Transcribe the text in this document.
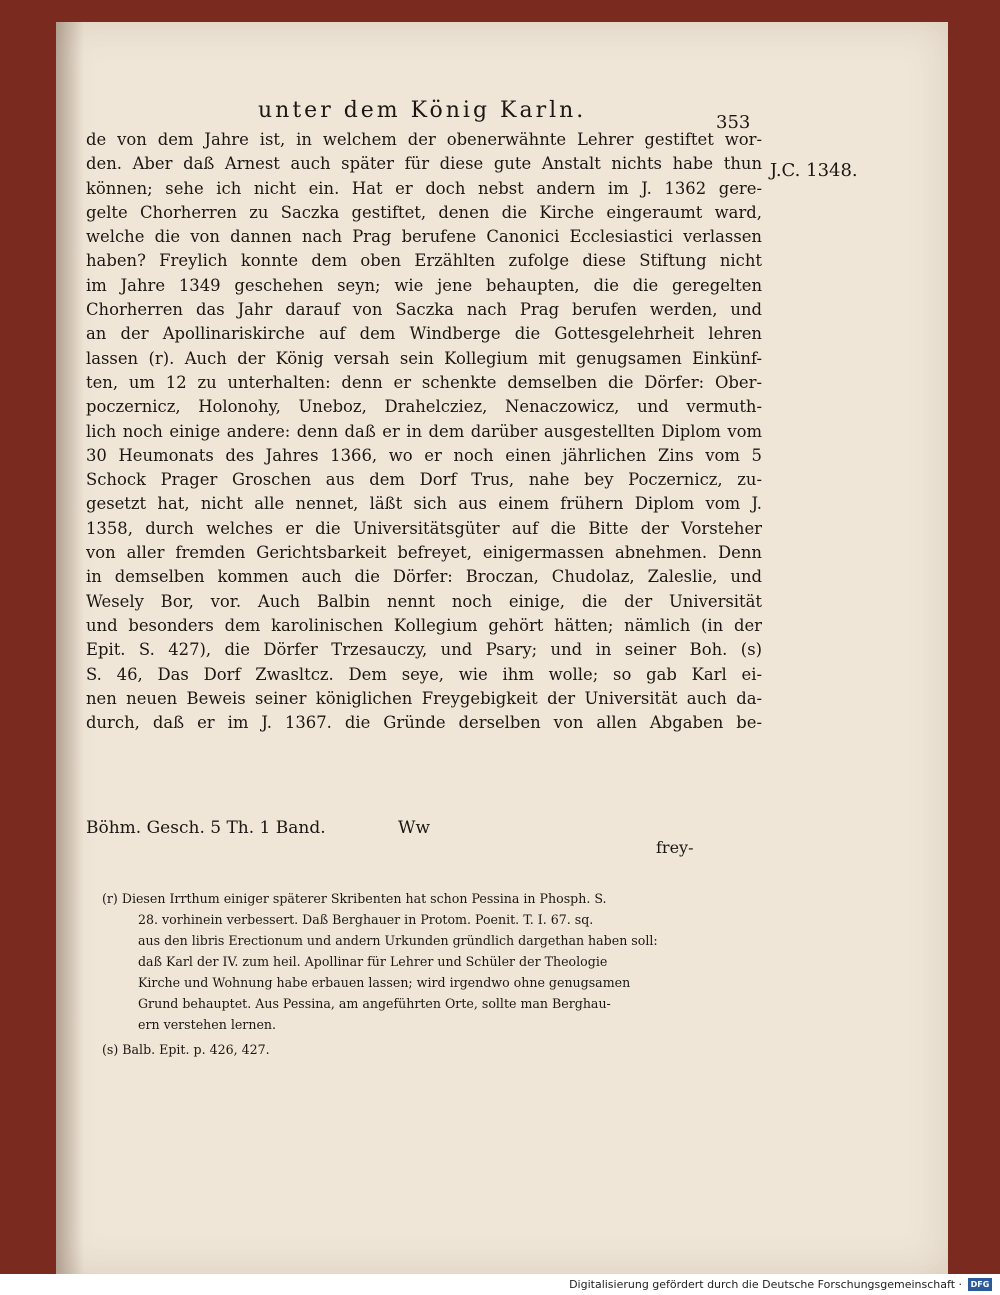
unter dem König Karln.	353
J.C. 1348.
de von dem Jahre ist, in welchem der obenerwähnte Lehrer gestiftet wor-
den. Aber daß Arnest auch später für diese gute Anstalt nichts habe thun
können; sehe ich nicht ein. Hat er doch nebst andern im J. 1362 gere-
gelte Chorherren zu Saczka gestiftet, denen die Kirche eingeraumt ward,
welche die von dannen nach Prag berufene Canonici Ecclesiastici verlassen
haben? Freylich konnte dem oben Erzählten zufolge diese Stiftung nicht
im Jahre 1349 geschehen seyn; wie jene behaupten, die die geregelten
Chorherren das Jahr darauf von Saczka nach Prag berufen werden, und
an der Apollinariskirche auf dem Windberge die Gottesgelehrheit lehren
lassen (r). Auch der König versah sein Kollegium mit genugsamen Einkünf-
ten, um 12 zu unterhalten: denn er schenkte demselben die Dörfer: Ober-
poczernicz, Holonohy, Uneboz, Drahelcziez, Nenaczowicz, und vermuth-
lich noch einige andere: denn daß er in dem darüber ausgestellten Diplom vom
30 Heumonats des Jahres 1366, wo er noch einen jährlichen Zins vom 5
Schock Prager Groschen aus dem Dorf Trus, nahe bey Poczernicz, zu-
gesetzt hat, nicht alle nennet, läßt sich aus einem frühern Diplom vom J.
1358, durch welches er die Universitätsgüter auf die Bitte der Vorsteher
von aller fremden Gerichtsbarkeit befreyet, einigermassen abnehmen. Denn
in demselben kommen auch die Dörfer: Broczan, Chudolaz, Zaleslie, und
Wesely Bor, vor. Auch Balbin nennt noch einige, die der Universität
und besonders dem karolinischen Kollegium gehört hätten; nämlich (in der
Epit. S. 427), die Dörfer Trzesauczy, und Psary; und in seiner Boh. (s)
S. 46, Das Dorf Zwasltcz. Dem seye, wie ihm wolle; so gab Karl ei-
nen neuen Beweis seiner königlichen Freygebigkeit der Universität auch da-
durch, daß er im J. 1367. die Gründe derselben von allen Abgaben be-
Böhm. Gesch. 5 Th. 1 Band.	Ww
frey-
(r) Diesen Irrthum einiger späterer Skribenten hat schon Pessina in Phosph. S.
28. vorhinein verbessert. Daß Berghauer in Protom. Poenit. T. I. 67. sq.
aus den libris Erectionum und andern Urkunden gründlich dargethan haben soll:
daß Karl der IV. zum heil. Apollinar für Lehrer und Schüler der Theologie
Kirche und Wohnung habe erbauen lassen; wird irgendwo ohne genugsamen
Grund behauptet. Aus Pessina, am angeführten Orte, sollte man Berghau-
ern verstehen lernen.
(s) Balb. Epit. p. 426, 427.
Digitalisierung gefördert durch die Deutsche Forschungsgemeinschaft ·	DFG
